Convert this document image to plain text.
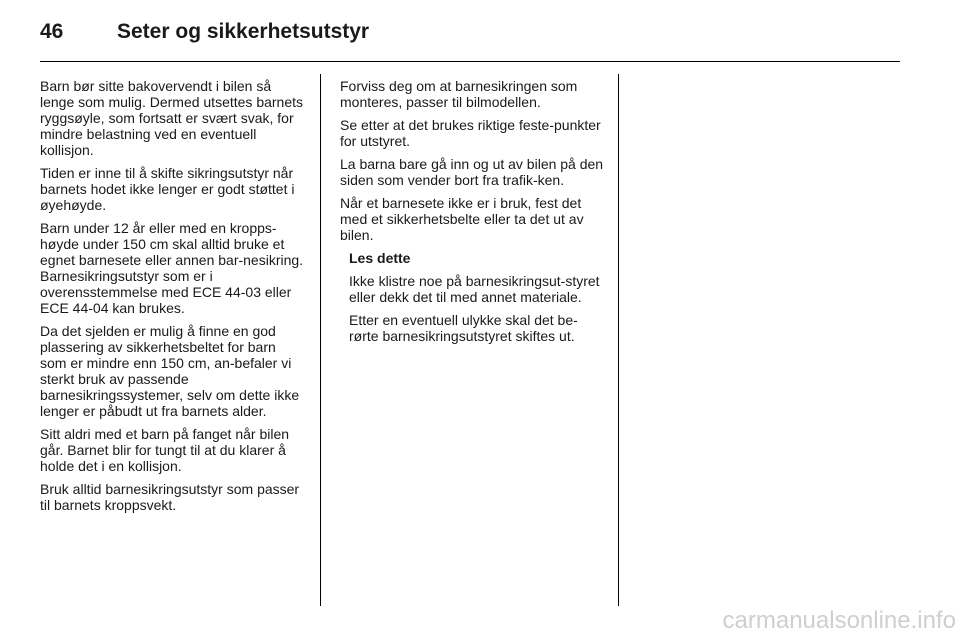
46	Seter og sikkerhetsutstyr

Barn bør sitte bakovervendt i bilen så lenge som mulig. Dermed utsettes barnets ryggsøyle, som fortsatt er svært svak, for mindre belastning ved en eventuell kollisjon.

Tiden er inne til å skifte sikringsutstyr når barnets hodet ikke lenger er godt støttet i øyehøyde.

Barn under 12 år eller med en kropps-høyde under 150 cm skal alltid bruke et egnet barnesete eller annen bar-nesikring. Barnesikringsutstyr som er i overensstemmelse med ECE 44-03 eller ECE 44-04 kan brukes.

Da det sjelden er mulig å finne en god plassering av sikkerhetsbeltet for barn som er mindre enn 150 cm, an-befaler vi sterkt bruk av passende barnesikringssystemer, selv om dette ikke lenger er påbudt ut fra barnets alder.

Sitt aldri med et barn på fanget når bilen går. Barnet blir for tungt til at du klarer å holde det i en kollisjon.

Bruk alltid barnesikringsutstyr som passer til barnets kroppsvekt.

Forviss deg om at barnesikringen som monteres, passer til bilmodellen.

Se etter at det brukes riktige feste-punkter for utstyret.

La barna bare gå inn og ut av bilen på den siden som vender bort fra trafik-ken.

Når et barnesete ikke er i bruk, fest det med et sikkerhetsbelte eller ta det ut av bilen.

Les dette

Ikke klistre noe på barnesikringsut-styret eller dekk det til med annet materiale.

Etter en eventuell ulykke skal det be-rørte barnesikringsutstyret skiftes ut.

carmanualsonline.info
